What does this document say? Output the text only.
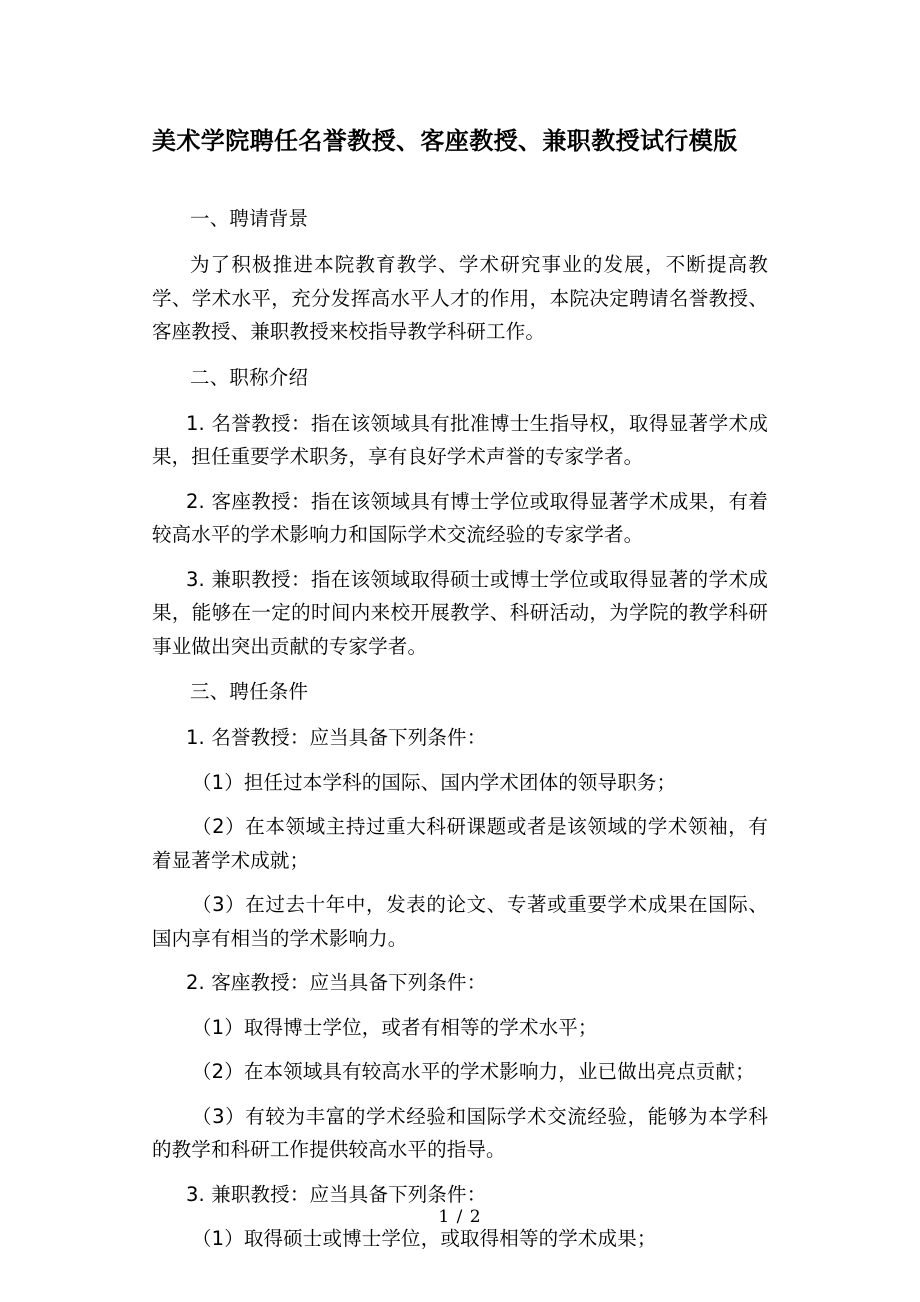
美术学院聘任名誉教授、客座教授、兼职教授试行模版

一、聘请背景

为了积极推进本院教育教学、学术研究事业的发展，不断提高教学、学术水平，充分发挥高水平人才的作用，本院决定聘请名誉教授、客座教授、兼职教授来校指导教学科研工作。

二、职称介绍

1. 名誉教授：指在该领域具有批准博士生指导权，取得显著学术成果，担任重要学术职务，享有良好学术声誉的专家学者。

2. 客座教授：指在该领域具有博士学位或取得显著学术成果，有着较高水平的学术影响力和国际学术交流经验的专家学者。

3. 兼职教授：指在该领域取得硕士或博士学位或取得显著的学术成果，能够在一定的时间内来校开展教学、科研活动，为学院的教学科研事业做出突出贡献的专家学者。

三、聘任条件

1. 名誉教授：应当具备下列条件：

（1）担任过本学科的国际、国内学术团体的领导职务；

（2）在本领域主持过重大科研课题或者是该领域的学术领袖，有着显著学术成就；

（3）在过去十年中，发表的论文、专著或重要学术成果在国际、国内享有相当的学术影响力。

2. 客座教授：应当具备下列条件：

（1）取得博士学位，或者有相等的学术水平；

（2）在本领域具有较高水平的学术影响力，业已做出亮点贡献；

（3）有较为丰富的学术经验和国际学术交流经验，能够为本学科的教学和科研工作提供较高水平的指导。

3. 兼职教授：应当具备下列条件：

（1）取得硕士或博士学位，或取得相等的学术成果；

1 / 2
